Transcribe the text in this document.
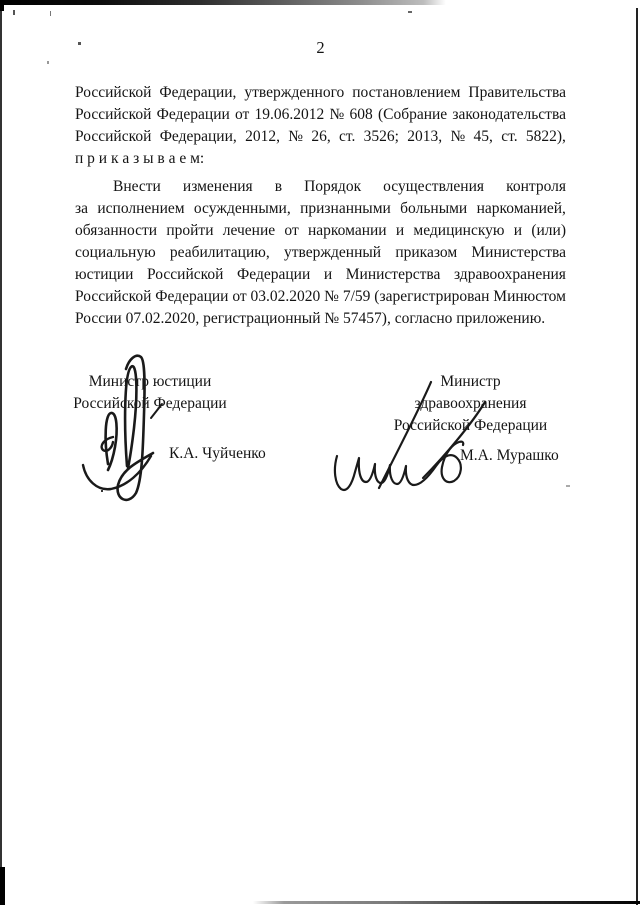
2
Российской Федерации, утвержденного постановлением Правительства
Российской Федерации от 19.06.2012 № 608 (Собрание законодательства
Российской Федерации, 2012, № 26, ст. 3526; 2013, № 45, ст. 5822),
п р и к а з ы в а е м:
Внести изменения в Порядок осуществления контроля
за исполнением осужденными, признанными больными наркоманией,
обязанности пройти лечение от наркомании и медицинскую и (или)
социальную реабилитацию, утвержденный приказом Министерства
юстиции Российской Федерации и Министерства здравоохранения
Российской Федерации от 03.02.2020 № 7/59 (зарегистрирован Минюстом
России 07.02.2020, регистрационный № 57457), согласно приложению.
Министр юстиции
Российской Федерации
Министр здравоохранения
Российской Федерации
К.А. Чуйченко	М.А. Мурашко
